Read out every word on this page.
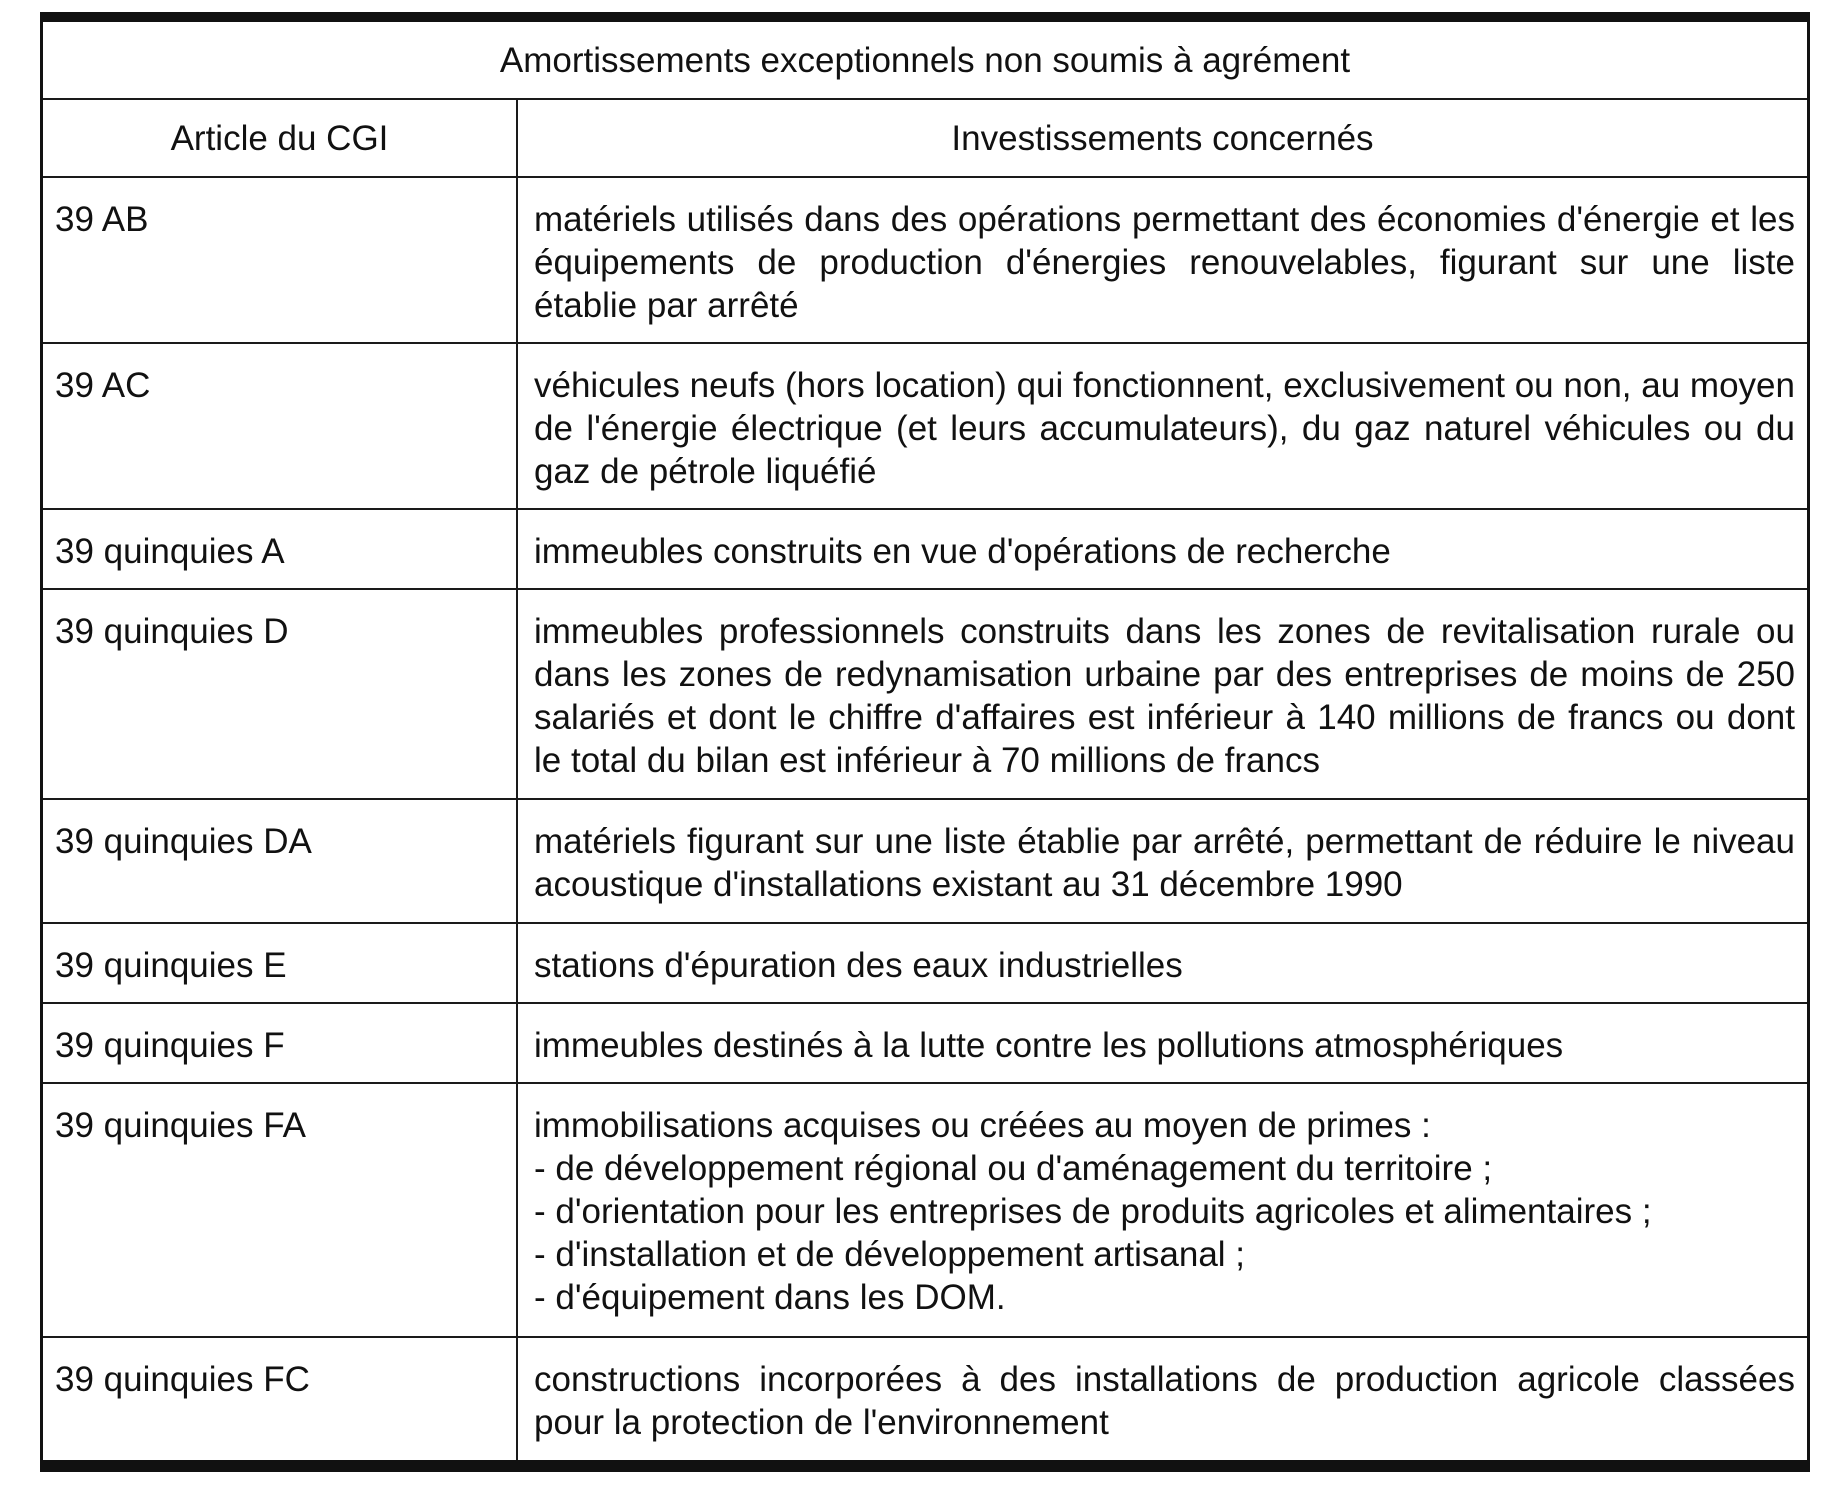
Amortissements exceptionnels non soumis à agrément	
Article du CGI	Investissements concernés
39 AB	matériels utilisés dans des opérations permettant des économies d'énergie et les équipements de production d'énergies renouvelables, figurant sur une liste établie par arrêté
39 AC	véhicules neufs (hors location) qui fonctionnent, exclusivement ou non, au moyen de l'énergie électrique (et leurs accumulateurs), du gaz naturel véhicules ou du gaz de pétrole liquéfié
39 quinquies A	immeubles construits en vue d'opérations de recherche
39 quinquies D	immeubles professionnels construits dans les zones de revitalisation rurale ou dans les zones de redynamisation urbaine par des entreprises de moins de 250 salariés et dont le chiffre d'affaires est inférieur à 140 millions de francs ou dont le total du bilan est inférieur à 70 millions de francs
39 quinquies DA	matériels figurant sur une liste établie par arrêté, permettant de réduire le niveau acoustique d'installations existant au 31 décembre 1990
39 quinquies E	stations d'épuration des eaux industrielles
39 quinquies F	immeubles destinés à la lutte contre les pollutions atmosphériques
39 quinquies FA	immobilisations acquises ou créées au moyen de primes :
- de développement régional ou d'aménagement du territoire ;
- d'orientation pour les entreprises de produits agricoles et alimentaires ;
- d'installation et de développement artisanal ;
- d'équipement dans les DOM.

39 quinquies FC	constructions incorporées à des installations de production agricole classées pour la protection de l'environnement
